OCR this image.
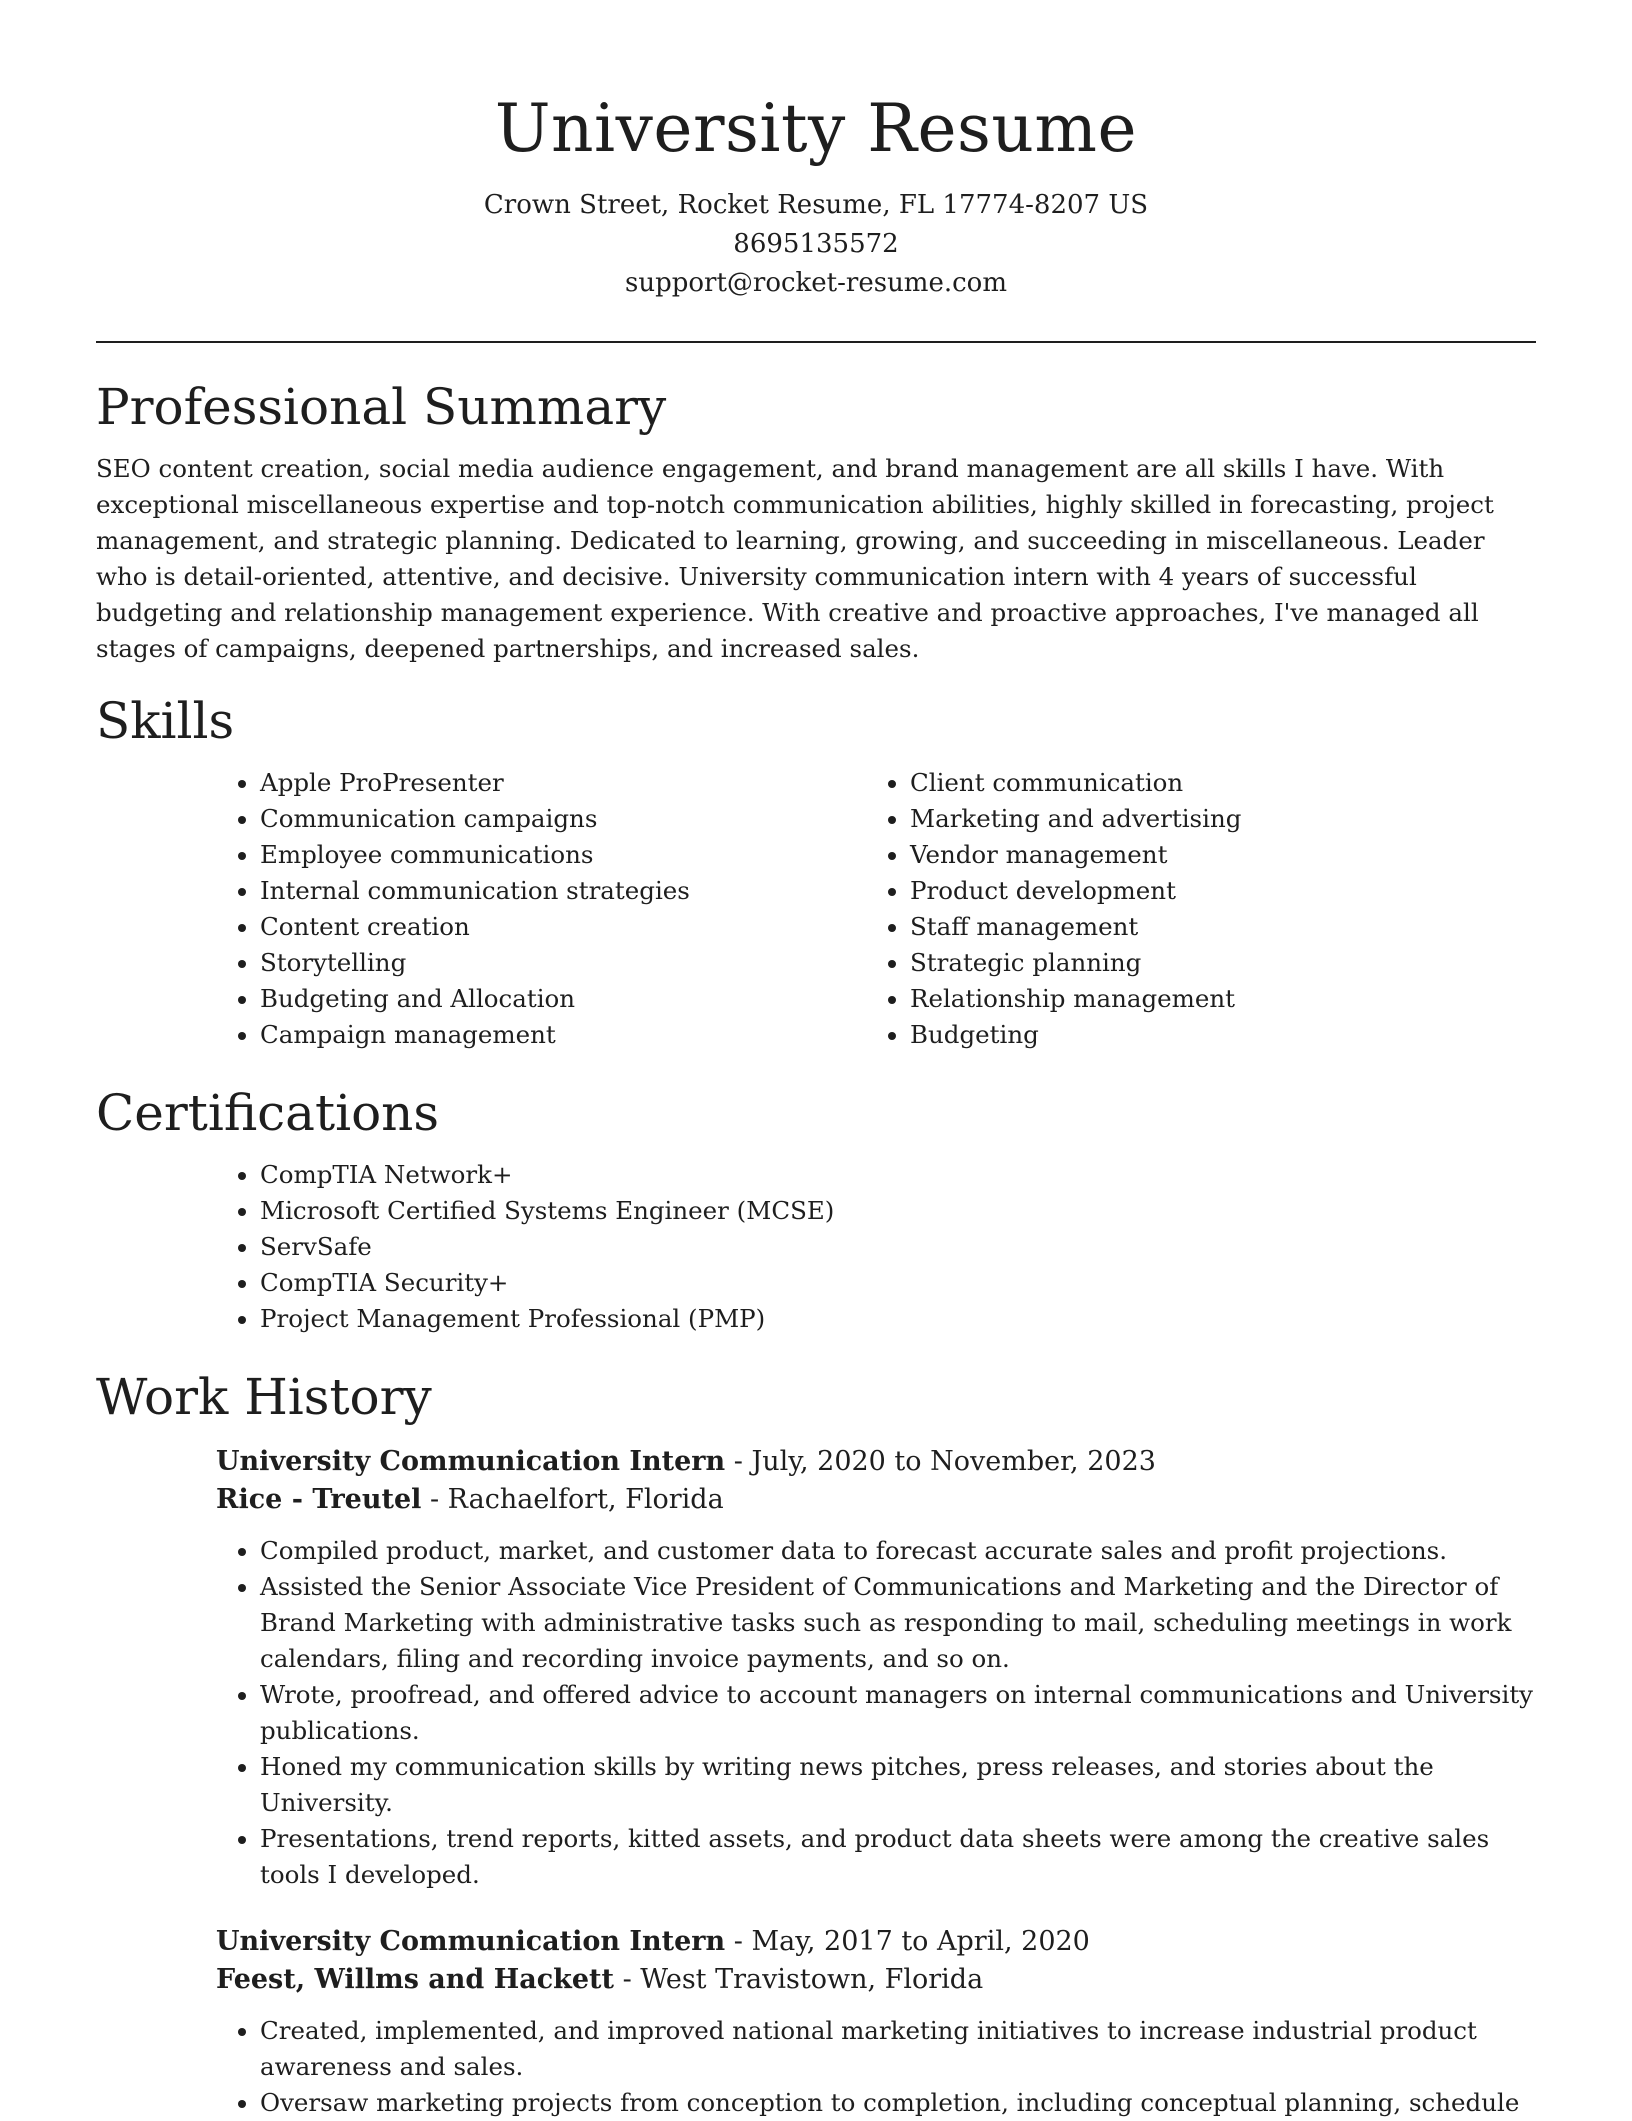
University Resume

Crown Street, Rocket Resume, FL 17774-8207 US

8695135572

support@rocket-resume.com

Professional Summary

SEO content creation, social media audience engagement, and brand management are all skills I have. With exceptional miscellaneous expertise and top-notch communication abilities, highly skilled in forecasting, project management, and strategic planning. Dedicated to learning, growing, and succeeding in miscellaneous. Leader who is detail-oriented, attentive, and decisive. University communication intern with 4 years of successful budgeting and relationship management experience. With creative and proactive approaches, I've managed all stages of campaigns, deepened partnerships, and increased sales.

Skills
• Apple ProPresenter
• Communication campaigns
• Employee communications
• Internal communication strategies
• Content creation
• Storytelling
• Budgeting and Allocation
• Campaign management
• Client communication
• Marketing and advertising
• Vendor management
• Product development
• Staff management
• Strategic planning
• Relationship management
• Budgeting
Certifications
• CompTIA Network+
• Microsoft Certified Systems Engineer (MCSE)
• ServSafe
• CompTIA Security+
• Project Management Professional (PMP)
Work History

University Communication Intern - July, 2020 to November, 2023

Rice - Treutel - Rachaelfort, Florida

• Compiled product, market, and customer data to forecast accurate sales and profit projections.
• Assisted the Senior Associate Vice President of Communications and Marketing and the Director of Brand Marketing with administrative tasks such as responding to mail, scheduling meetings in work calendars, filing and recording invoice payments, and so on.
• Wrote, proofread, and offered advice to account managers on internal communications and University publications.
• Honed my communication skills by writing news pitches, press releases, and stories about the University.
• Presentations, trend reports, kitted assets, and product data sheets were among the creative sales tools I developed.

University Communication Intern - May, 2017 to April, 2020

Feest, Willms and Hackett - West Travistown, Florida

• Created, implemented, and improved national marketing initiatives to increase industrial product awareness and sales.
• Oversaw marketing projects from conception to completion, including conceptual planning, schedule
